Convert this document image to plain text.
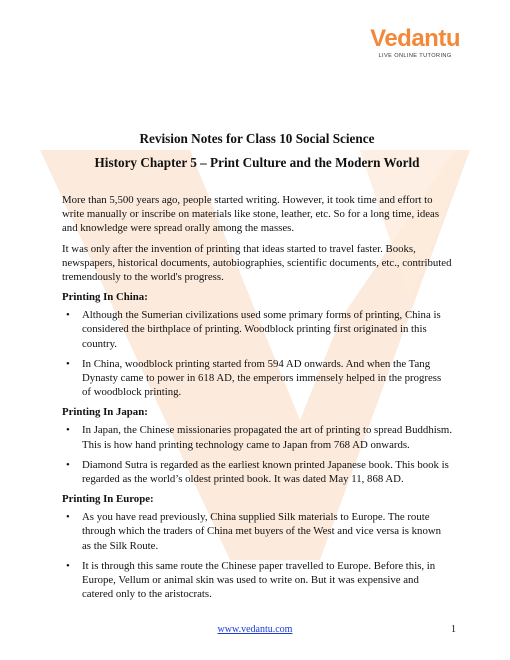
Vedantu
LIVE ONLINE TUTORING
Revision Notes for Class 10 Social Science
History Chapter 5 – Print Culture and the Modern World

More than 5,500 years ago, people started writing. However, it took time and effort to write manually or inscribe on materials like stone, leather, etc. So for a long time, ideas and knowledge were spread orally among the masses.

It was only after the invention of printing that ideas started to travel faster. Books, newspapers, historical documents, autobiographies, scientific documents, etc., contributed tremendously to the world's progress.

Printing In China:
• Although the Sumerian civilizations used some primary forms of printing, China is considered the birthplace of printing. Woodblock printing first originated in this country.
• In China, woodblock printing started from 594 AD onwards. And when the Tang Dynasty came to power in 618 AD, the emperors immensely helped in the progress of woodblock printing.
Printing In Japan:
• In Japan, the Chinese missionaries propagated the art of printing to spread Buddhism. This is how hand printing technology came to Japan from 768 AD onwards.
• Diamond Sutra is regarded as the earliest known printed Japanese book. This book is regarded as the world’s oldest printed book. It was dated May 11, 868 AD.
Printing In Europe:
• As you have read previously, China supplied Silk materials to Europe. The route through which the traders of China met buyers of the West and vice versa is known as the Silk Route.
• It is through this same route the Chinese paper travelled to Europe. Before this, in Europe, Vellum or animal skin was used to write on. But it was expensive and catered only to the aristocrats.
www.vedantu.com	1
